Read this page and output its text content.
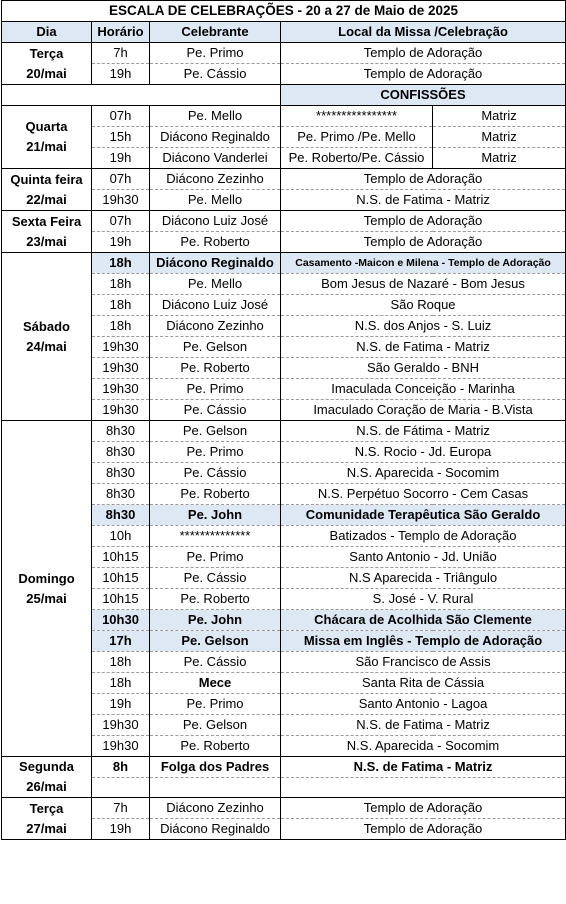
ESCALA DE CELEBRAÇÕES - 20 a 27 de Maio de 2025				
Dia	Horário	Celebrante	Local da Missa /Celebração	

Terça
20/mai	7h	Pe. Primo	Templo de Adoração	
	19h	Pe. Cássio	Templo de Adoração	
			CONFISSÕES	

Quarta
21/mai	07h	Pe. Mello	****************	Matriz
	15h	Diácono Reginaldo	Pe. Primo /Pe. Mello	Matriz
	19h	Diácono Vanderlei	Pe. Roberto/Pe. Cássio	Matriz

Quinta feira
22/mai	07h	Diácono Zezinho	Templo de Adoração	
	19h30	Pe. Mello	N.S. de Fatima - Matriz	

Sexta Feira
23/mai	07h	Diácono Luiz José	Templo de Adoração	
	19h	Pe. Roberto	Templo de Adoração	

Sábado
24/mai	18h	Diácono Reginaldo	Casamento -Maicon e Milena - Templo de Adoração	
	18h	Pe. Mello	Bom Jesus de Nazaré - Bom Jesus	
	18h	Diácono Luiz José	São Roque	
	18h	Diácono Zezinho	N.S. dos Anjos - S. Luiz	
	19h30	Pe. Gelson	N.S. de Fatima - Matriz	
	19h30	Pe. Roberto	São Geraldo - BNH	
	19h30	Pe. Primo	Imaculada Conceição - Marinha	
	19h30	Pe. Cássio	Imaculado Coração de Maria - B.Vista	

Domingo
25/mai	8h30	Pe. Gelson	N.S. de Fátima - Matriz	
	8h30	Pe. Primo	N.S. Rocio - Jd. Europa	
	8h30	Pe. Cássio	N.S. Aparecida - Socomim	
	8h30	Pe. Roberto	N.S. Perpétuo Socorro - Cem Casas	
	8h30	Pe. John	Comunidade Terapêutica São Geraldo	
	10h	**************	Batizados - Templo de Adoração	
	10h15	Pe. Primo	Santo Antonio - Jd. União	
	10h15	Pe. Cássio	N.S Aparecida - Triângulo	
	10h15	Pe. Roberto	S. José - V. Rural	
	10h30	Pe. John	Chácara de Acolhida São Clemente	
	17h	Pe. Gelson	Missa em Inglês - Templo de Adoração	
	18h	Pe. Cássio	São Francisco de Assis	
	18h	Mece	Santa Rita de Cássia	
	19h	Pe. Primo	Santo Antonio - Lagoa	
	19h30	Pe. Gelson	N.S. de Fatima - Matriz	
	19h30	Pe. Roberto	N.S. Aparecida - Socomim	

Segunda
26/mai	8h	Folga dos Padres	N.S. de Fatima - Matriz	

Terça
27/mai	7h	Diácono Zezinho	Templo de Adoração	
	19h	Diácono Reginaldo	Templo de Adoração	
